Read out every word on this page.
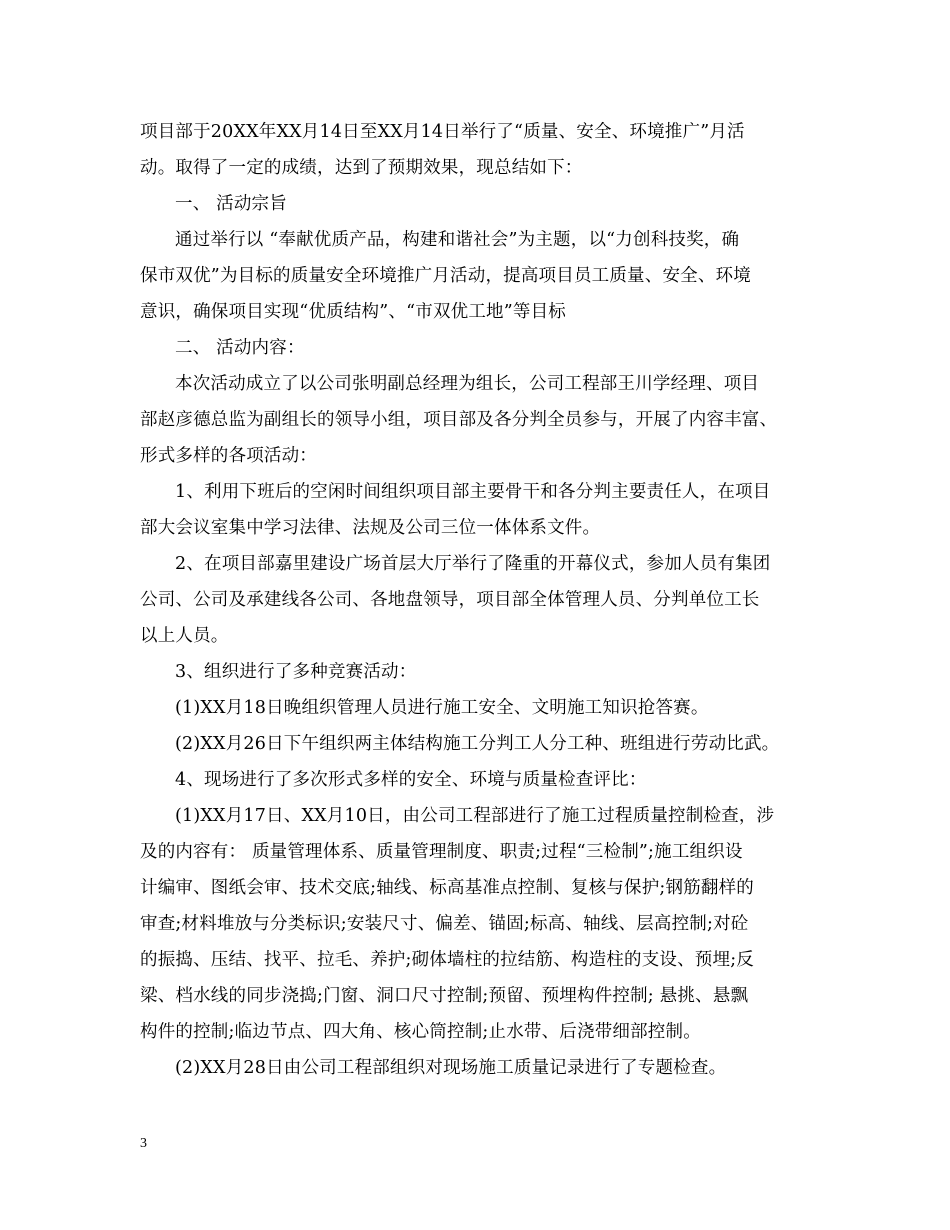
项目部于20XX年XX月14日至XX月14日举行了“质量、安全、环境推广”月活
动。取得了一定的成绩，达到了预期效果，现总结如下：
一、 活动宗旨
通过举行以 “奉献优质产品，构建和谐社会”为主题，以“力创科技奖，确
保市双优”为目标的质量安全环境推广月活动，提高项目员工质量、安全、环境
意识，确保项目实现“优质结构”、“市双优工地”等目标
二、 活动内容：
本次活动成立了以公司张明副总经理为组长，公司工程部王川学经理、项目
部赵彦德总监为副组长的领导小组，项目部及各分判全员参与，开展了内容丰富、
形式多样的各项活动：
1、利用下班后的空闲时间组织项目部主要骨干和各分判主要责任人，在项目
部大会议室集中学习法律、法规及公司三位一体体系文件。
2、在项目部嘉里建设广场首层大厅举行了隆重的开幕仪式，参加人员有集团
公司、公司及承建线各公司、各地盘领导，项目部全体管理人员、分判单位工长
以上人员。
3、组织进行了多种竞赛活动：
(1)XX月18日晚组织管理人员进行施工安全、文明施工知识抢答赛。
(2)XX月26日下午组织两主体结构施工分判工人分工种、班组进行劳动比武。
4、现场进行了多次形式多样的安全、环境与质量检查评比：
(1)XX月17日、XX月10日，由公司工程部进行了施工过程质量控制检查，涉
及的内容有： 质量管理体系、质量管理制度、职责;过程“三检制”;施工组织设
计编审、图纸会审、技术交底;轴线、标高基准点控制、复核与保护;钢筋翻样的
审查;材料堆放与分类标识;安装尺寸、偏差、锚固;标高、轴线、层高控制;对砼
的振捣、压结、找平、拉毛、养护;砌体墙柱的拉结筋、构造柱的支设、预埋;反
梁、档水线的同步浇捣;门窗、洞口尺寸控制;预留、预埋构件控制; 悬挑、悬飘
构件的控制;临边节点、四大角、核心筒控制;止水带、后浇带细部控制。
(2)XX月28日由公司工程部组织对现场施工质量记录进行了专题检查。

3
